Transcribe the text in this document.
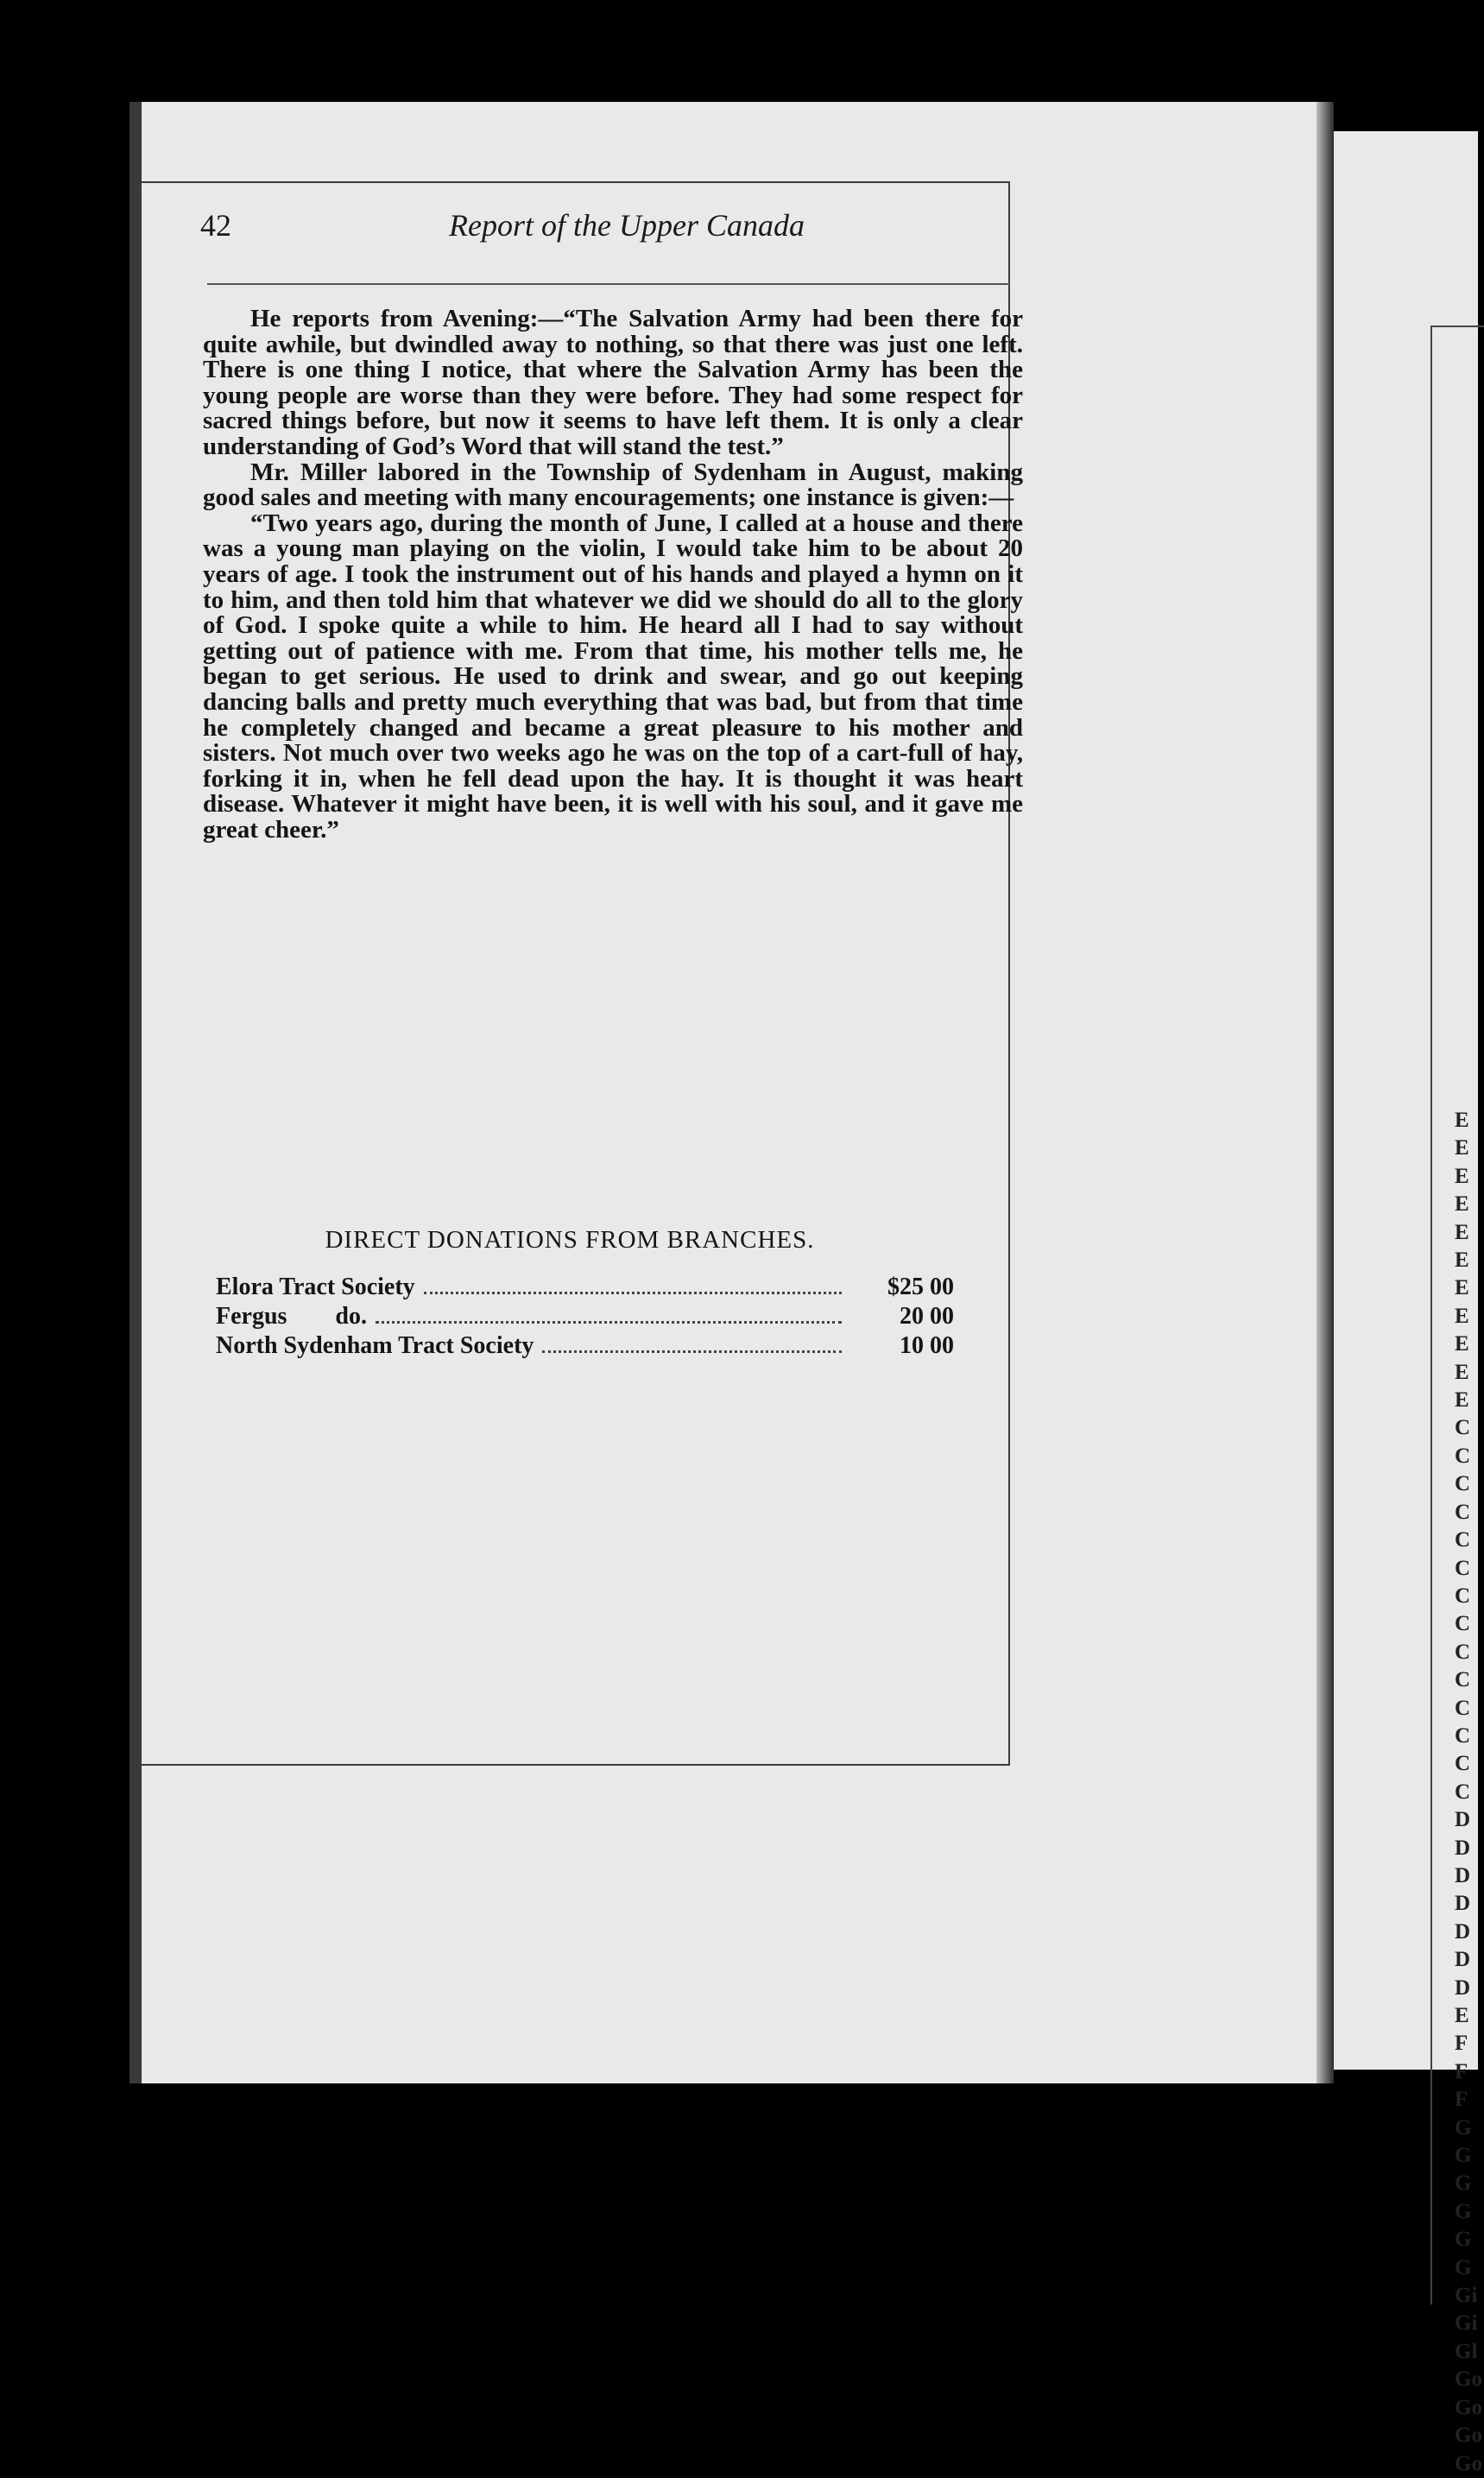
E
E
E
E
E
E
E
E
E
E
E
C
C
C
C
C
C
C
C
C
C
C
C
C
C
D
D
D
D
D
D
D
E
F
F
F
G
G
G
G
G
G
Gi
Gi
Gl
Go
Go
Go
Go
42	Report of the Upper Canada

He reports from Avening:—“The Salvation Army had been there for quite awhile, but dwindled away to nothing, so that there was just one left. There is one thing I notice, that where the Salvation Army has been the young people are worse than they were before. They had some respect for sacred things before, but now it seems to have left them. It is only a clear understanding of God’s Word that will stand the test.”

Mr. Miller labored in the Township of Sydenham in August, making good sales and meeting with many encouragements; one instance is given:—

“Two years ago, during the month of June, I called at a house and there was a young man playing on the violin, I would take him to be about 20 years of age. I took the instrument out of his hands and played a hymn on it to him, and then told him that whatever we did we should do all to the glory of God. I spoke quite a while to him. He heard all I had to say without getting out of patience with me. From that time, his mother tells me, he began to get serious. He used to drink and swear, and go out keeping dancing balls and pretty much everything that was bad, but from that time he completely changed and became a great pleasure to his mother and sisters. Not much over two weeks ago he was on the top of a cart-full of hay, forking it in, when he fell dead upon the hay. It is thought it was heart disease. Whatever it might have been, it is well with his soul, and it gave me great cheer.”

DIRECT DONATIONS FROM BRANCHES.
Elora Tract Society	$25 00
Fergus        do.	20 00
North Sydenham Tract Society	10 00
